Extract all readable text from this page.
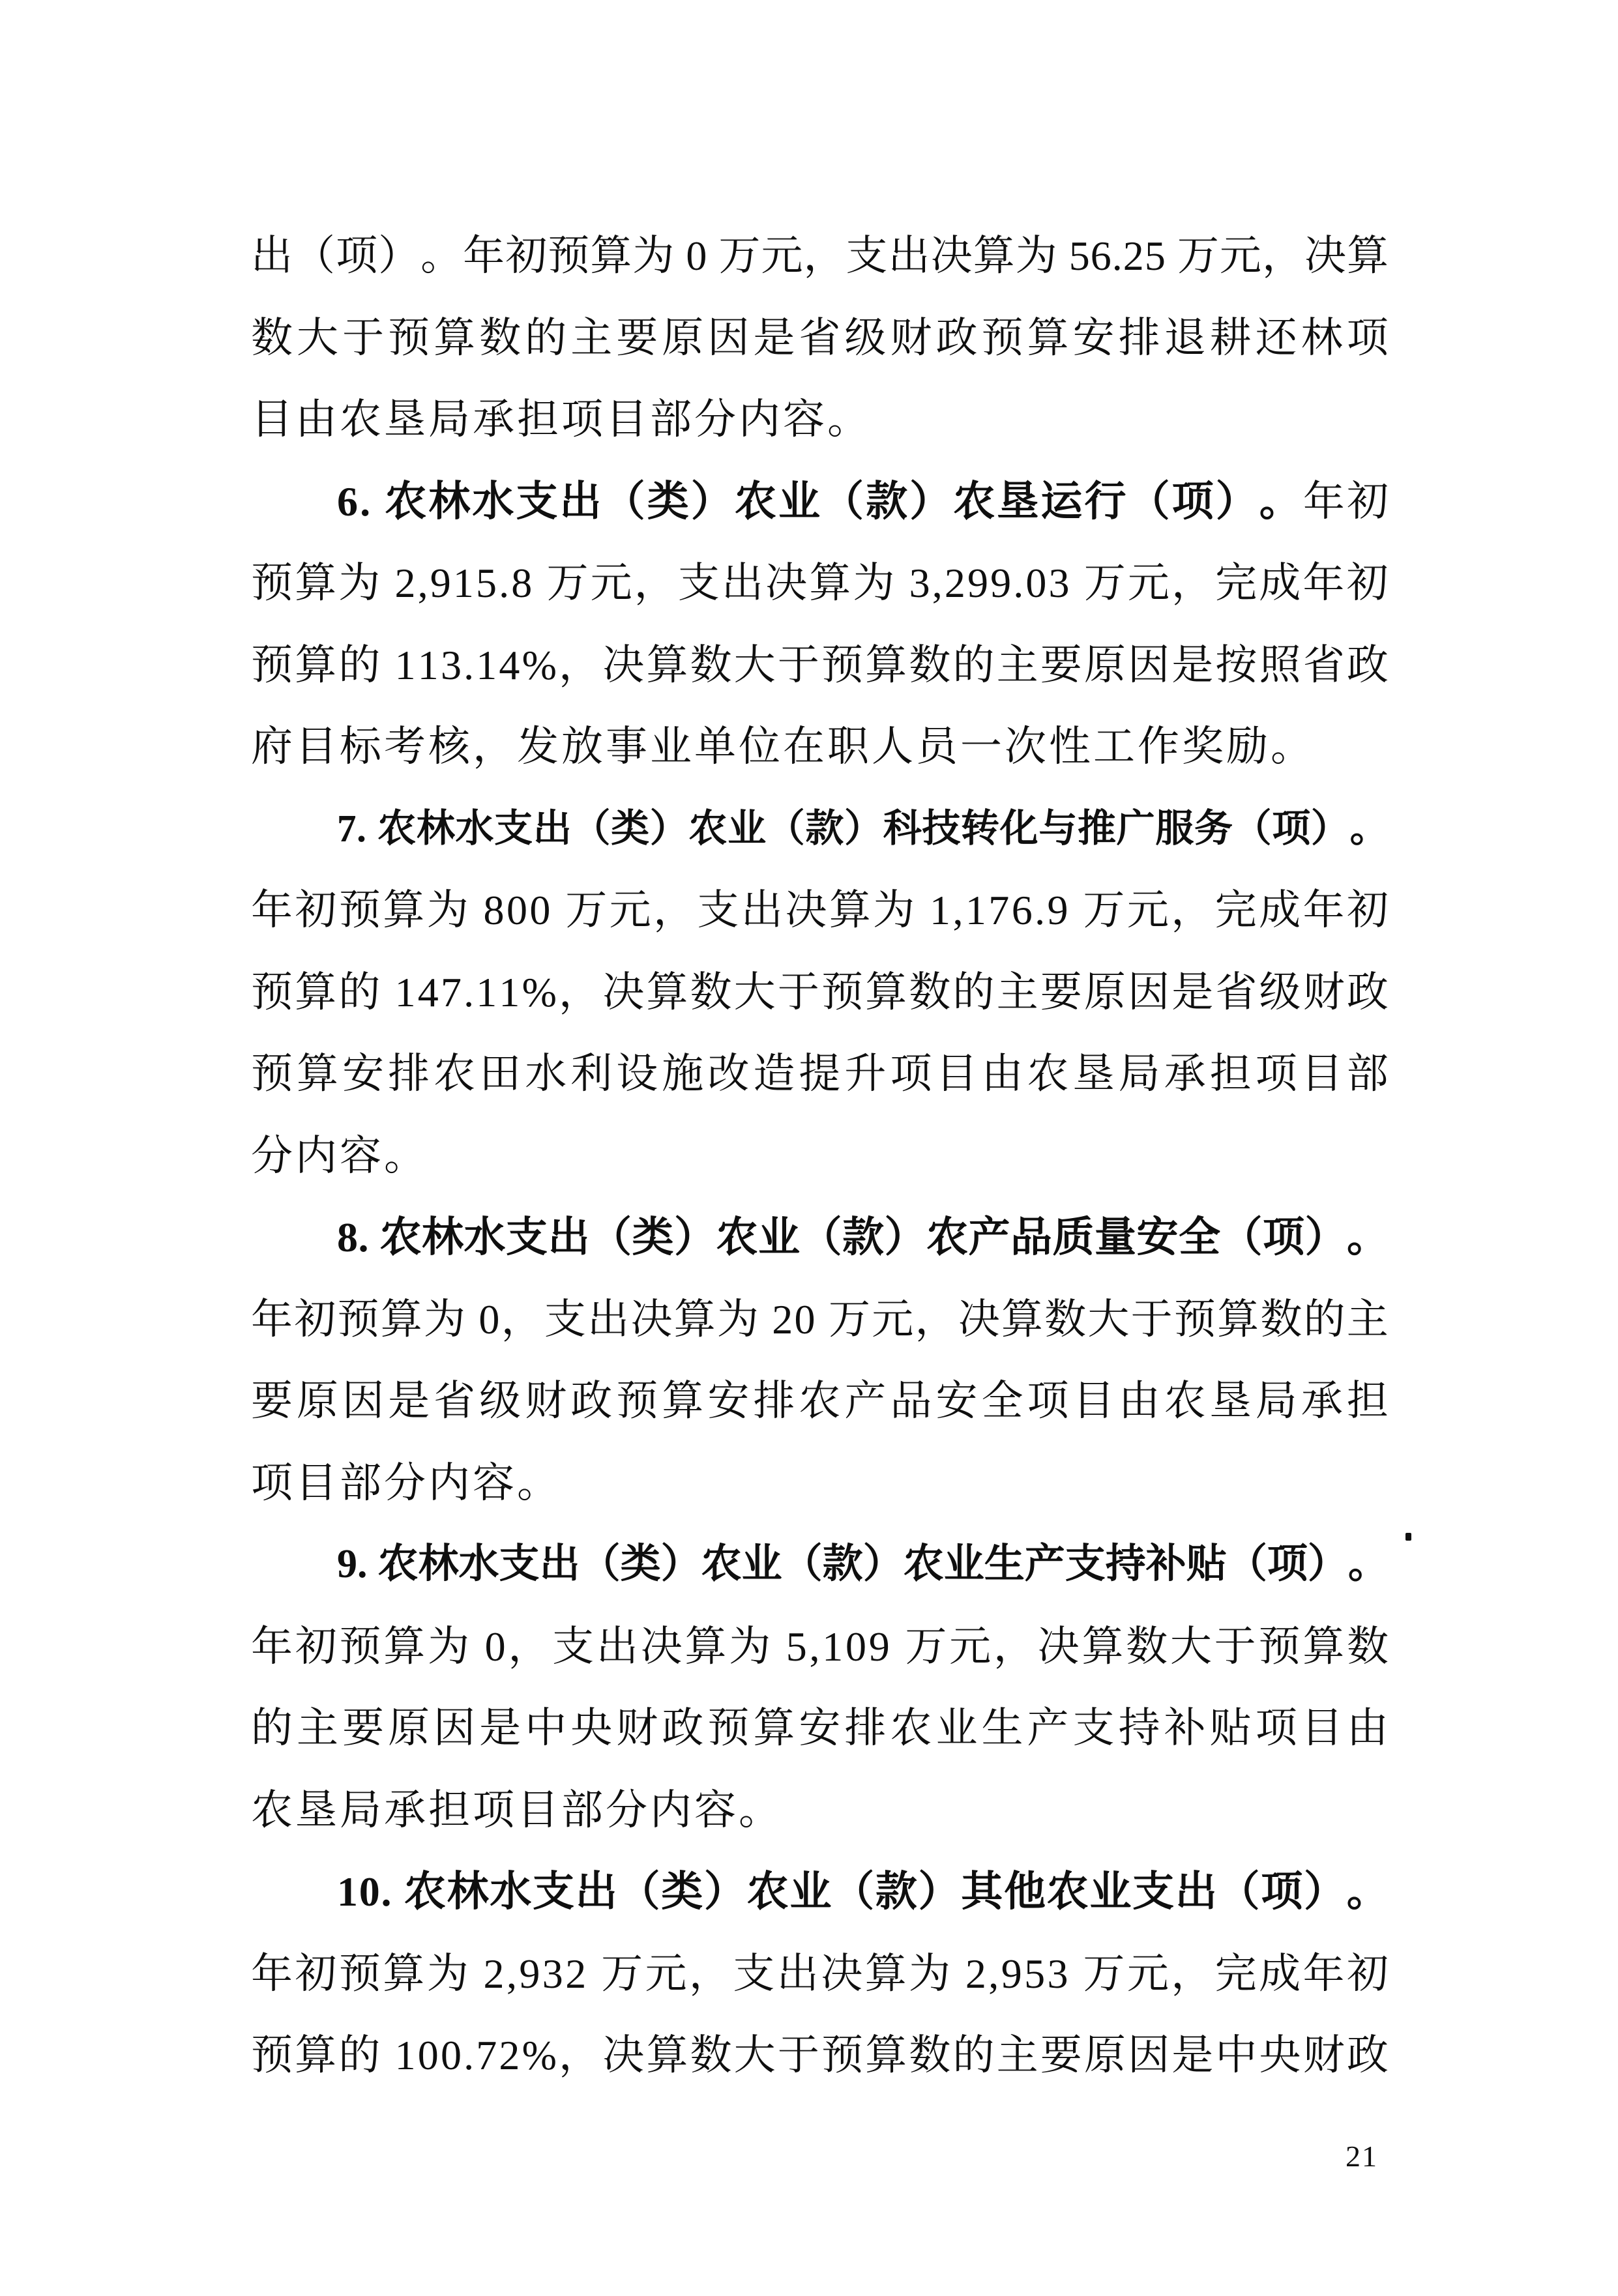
出 （ 项 ） 。 年 初 预 算 为
0
万 元 ， 支 出 决 算 为
5 6 . 2 5
万 元 ， 决 算
数 大 于 预 算 数 的 主 要 原 因 是 省 级 财 政 预 算 安 排 退 耕 还 林 项
目由农垦局承担项目部分内容。
6 .
农 林 水 支 出 （ 类 ） 农 业 （ 款 ） 农 垦 运 行 （ 项 ） 。 年 初
预 算 为
2 , 9 1 5 . 8
万 元 ， 支 出 决 算 为
3 , 2 9 9 . 0 3
万 元 ， 完 成 年 初
预 算 的
1 1 3 . 1 4 % ， 决 算 数 大 于 预 算 数 的 主 要 原 因 是 按 照 省 政
府目标考核，发放事业单位在职人员一次性工作奖励。
7 .
农 林 水 支 出 （ 类 ） 农 业 （ 款 ） 科 技 转 化 与 推 广 服 务 （ 项 ） 。
年 初 预 算 为
8 0 0
万 元 ， 支 出 决 算 为
1 , 1 7 6 . 9
万 元 ， 完 成 年 初
预 算 的
1 4 7 . 1 1 % ， 决 算 数 大 于 预 算 数 的 主 要 原 因 是 省 级 财 政
预 算 安 排 农 田 水 利 设 施 改 造 提 升 项 目 由 农 垦 局 承 担 项 目 部
分内容。
8 .
农 林 水 支 出 （ 类 ） 农 业 （ 款 ） 农 产 品 质 量 安 全 （ 项 ） 。
年 初 预 算 为
0 ， 支 出 决 算 为
2 0
万 元 ， 决 算 数 大 于 预 算 数 的 主
要 原 因 是 省 级 财 政 预 算 安 排 农 产 品 安 全 项 目 由 农 垦 局 承 担
项目部分内容。
9 .
农 林 水 支 出 （ 类 ） 农 业 （ 款 ） 农 业 生 产 支 持 补 贴 （ 项 ） 。
年 初 预 算 为
0 ， 支 出 决 算 为
5 , 1 0 9
万 元 ， 决 算 数 大 于 预 算 数
的 主 要 原 因 是 中 央 财 政 预 算 安 排 农 业 生 产 支 持 补 贴 项 目 由
农垦局承担项目部分内容。
1 0 .
农 林 水 支 出 （ 类 ） 农 业 （ 款 ） 其 他 农 业 支 出 （ 项 ） 。
年 初 预 算 为
2 , 9 3 2
万 元 ， 支 出 决 算 为
2 , 9 5 3
万 元 ， 完 成 年 初
预 算 的
1 0 0 . 7 2 % ， 决 算 数 大 于 预 算 数 的 主 要 原 因 是 中 央 财 政
21
